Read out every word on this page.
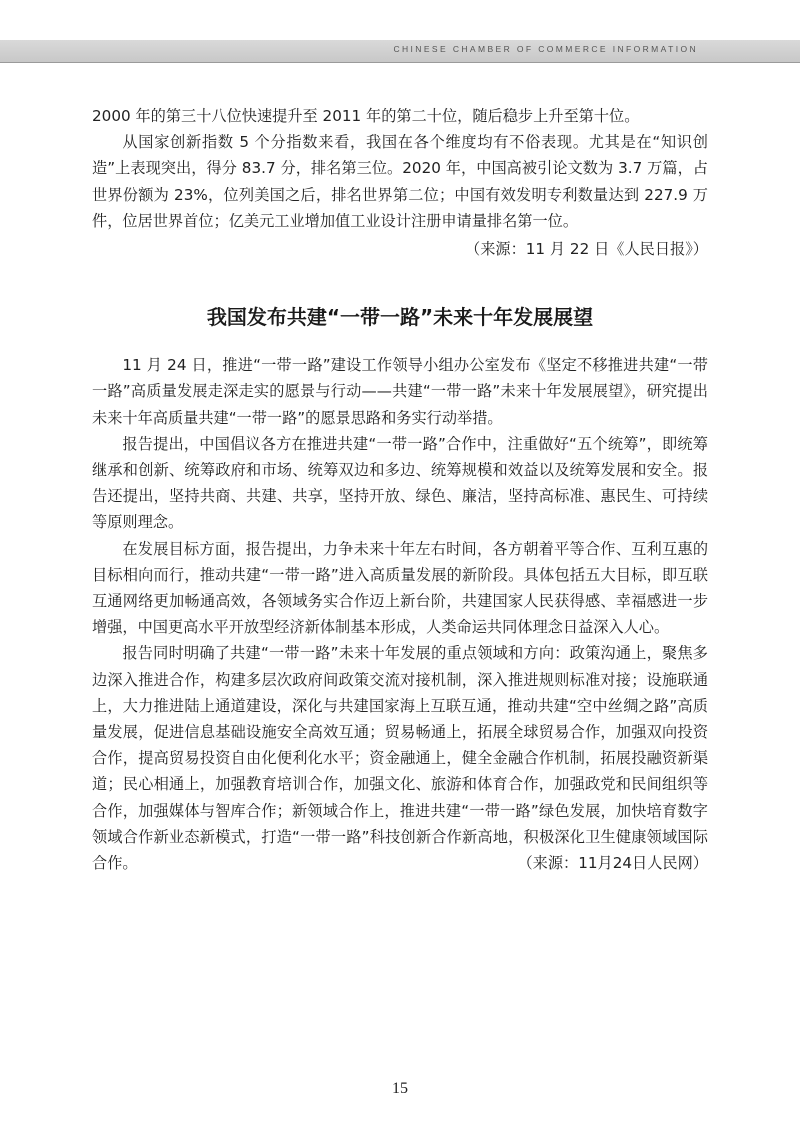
CHINESE CHAMBER OF COMMERCE INFORMATION

2000 年的第三十八位快速提升至 2011 年的第二十位，随后稳步上升至第十位。

从国家创新指数 5 个分指数来看，我国在各个维度均有不俗表现。尤其是在“知识创造”上表现突出，得分 83.7 分，排名第三位。2020 年，中国高被引论文数为 3.7 万篇，占世界份额为 23%，位列美国之后，排名世界第二位；中国有效发明专利数量达到 227.9 万件，位居世界首位；亿美元工业增加值工业设计注册申请量排名第一位。

（来源：11 月 22 日《人民日报》）

我国发布共建“一带一路”未来十年发展展望

11 月 24 日，推进“一带一路”建设工作领导小组办公室发布《坚定不移推进共建“一带一路”高质量发展走深走实的愿景与行动——共建“一带一路”未来十年发展展望》，研究提出未来十年高质量共建“一带一路”的愿景思路和务实行动举措。

报告提出，中国倡议各方在推进共建“一带一路”合作中，注重做好“五个统筹”，即统筹继承和创新、统筹政府和市场、统筹双边和多边、统筹规模和效益以及统筹发展和安全。报告还提出，坚持共商、共建、共享，坚持开放、绿色、廉洁，坚持高标准、惠民生、可持续等原则理念。

在发展目标方面，报告提出，力争未来十年左右时间，各方朝着平等合作、互利互惠的目标相向而行，推动共建“一带一路”进入高质量发展的新阶段。具体包括五大目标，即互联互通网络更加畅通高效，各领域务实合作迈上新台阶，共建国家人民获得感、幸福感进一步增强，中国更高水平开放型经济新体制基本形成，人类命运共同体理念日益深入人心。

报告同时明确了共建“一带一路”未来十年发展的重点领域和方向：政策沟通上，聚焦多边深入推进合作，构建多层次政府间政策交流对接机制，深入推进规则标准对接；设施联通上，大力推进陆上通道建设，深化与共建国家海上互联互通，推动共建“空中丝绸之路”高质量发展，促进信息基础设施安全高效互通；贸易畅通上，拓展全球贸易合作，加强双向投资合作，提高贸易投资自由化便利化水平；资金融通上，健全金融合作机制，拓展投融资新渠道；民心相通上，加强教育培训合作，加强文化、旅游和体育合作，加强政党和民间组织等合作，加强媒体与智库合作；新领域合作上，推进共建“一带一路”绿色发展，加快培育数字领域合作新业态新模式，打造“一带一路”科技创新合作新高地，积极深化卫生健康领域国际合作。	（来源：11月24日人民网）

15
